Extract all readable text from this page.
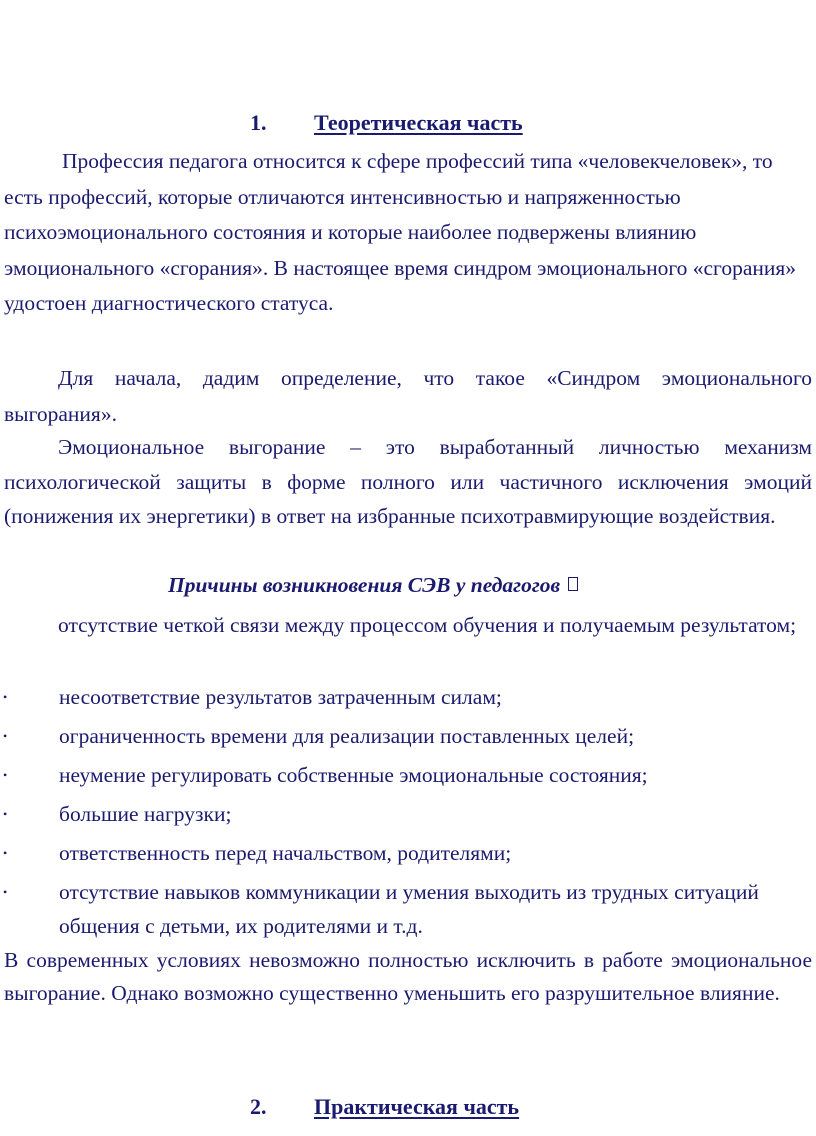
1. Теоретическая часть

Профессия педагога относится к сфере профессий типа «человекчеловек», то есть профессий, которые отличаются интенсивностью и напряженностью психоэмоционального состояния и которые наиболее подвержены влиянию эмоционального «сгорания». В настоящее время синдром эмоционального «сгорания» удостоен диагностического статуса.

Для начала, дадим определение, что такое «Синдром эмоционального выгорания».

Эмоциональное выгорание – это выработанный личностью механизм психологической защиты в форме полного или частичного исключения эмоций (понижения их энергетики) в ответ на избранные психотравмирующие воздействия.

Причины возникновения СЭВ у педагогов
отсутствие четкой связи между процессом обучения и получаемым результатом;
• несоответствие результатов затраченным силам;
• ограниченность времени для реализации поставленных целей;
• неумение регулировать собственные эмоциональные состояния;
• большие нагрузки;
• ответственность перед начальством, родителями;
• отсутствие навыков коммуникации и умения выходить из трудных ситуаций общения с детьми, их родителями и т.д.

В современных условиях невозможно полностью исключить в работе эмоциональное выгорание. Однако возможно существенно уменьшить его разрушительное влияние.

2. Практическая часть
